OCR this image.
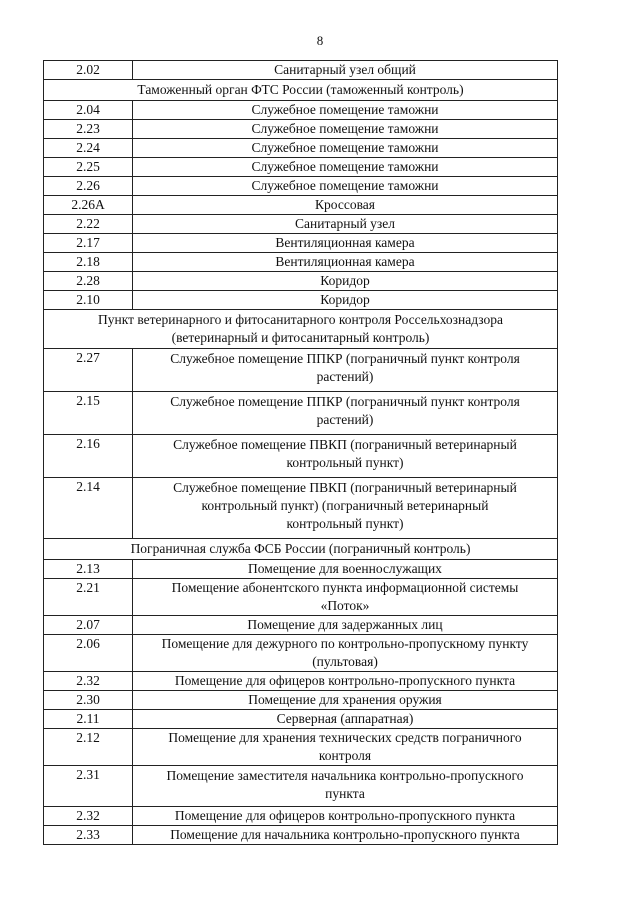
8
2.02	Санитарный узел общий
Таможенный орган ФТС России (таможенный контроль)	
2.04	Служебное помещение таможни
2.23	Служебное помещение таможни
2.24	Служебное помещение таможни
2.25	Служебное помещение таможни
2.26	Служебное помещение таможни
2.26А	Кроссовая
2.22	Санитарный узел
2.17	Вентиляционная камера
2.18	Вентиляционная камера
2.28	Коридор
2.10	Коридор
Пункт ветеринарного и фитосанитарного контроля Россельхознадзора (ветеринарный и фитосанитарный контроль)	
2.27	Служебное помещение ППКР (пограничный пункт контроля растений)
2.15	Служебное помещение ППКР (пограничный пункт контроля растений)
2.16	Служебное помещение ПВКП (пограничный ветеринарный контрольный пункт)
2.14	Служебное помещение ПВКП (пограничный ветеринарный контрольный пункт) (пограничный ветеринарный контрольный пункт)
Пограничная служба ФСБ России (пограничный контроль)	
2.13	Помещение для военнослужащих
2.21	Помещение абонентского пункта информационной системы «Поток»
2.07	Помещение для задержанных лиц
2.06	Помещение для дежурного по контрольно-пропускному пункту (пультовая)
2.32	Помещение для офицеров контрольно-пропускного пункта
2.30	Помещение для хранения оружия
2.11	Серверная (аппаратная)
2.12	Помещение для хранения технических средств пограничного контроля
2.31	Помещение заместителя начальника контрольно-пропускного пункта
2.32	Помещение для офицеров контрольно-пропускного пункта
2.33	Помещение для начальника контрольно-пропускного пункта
